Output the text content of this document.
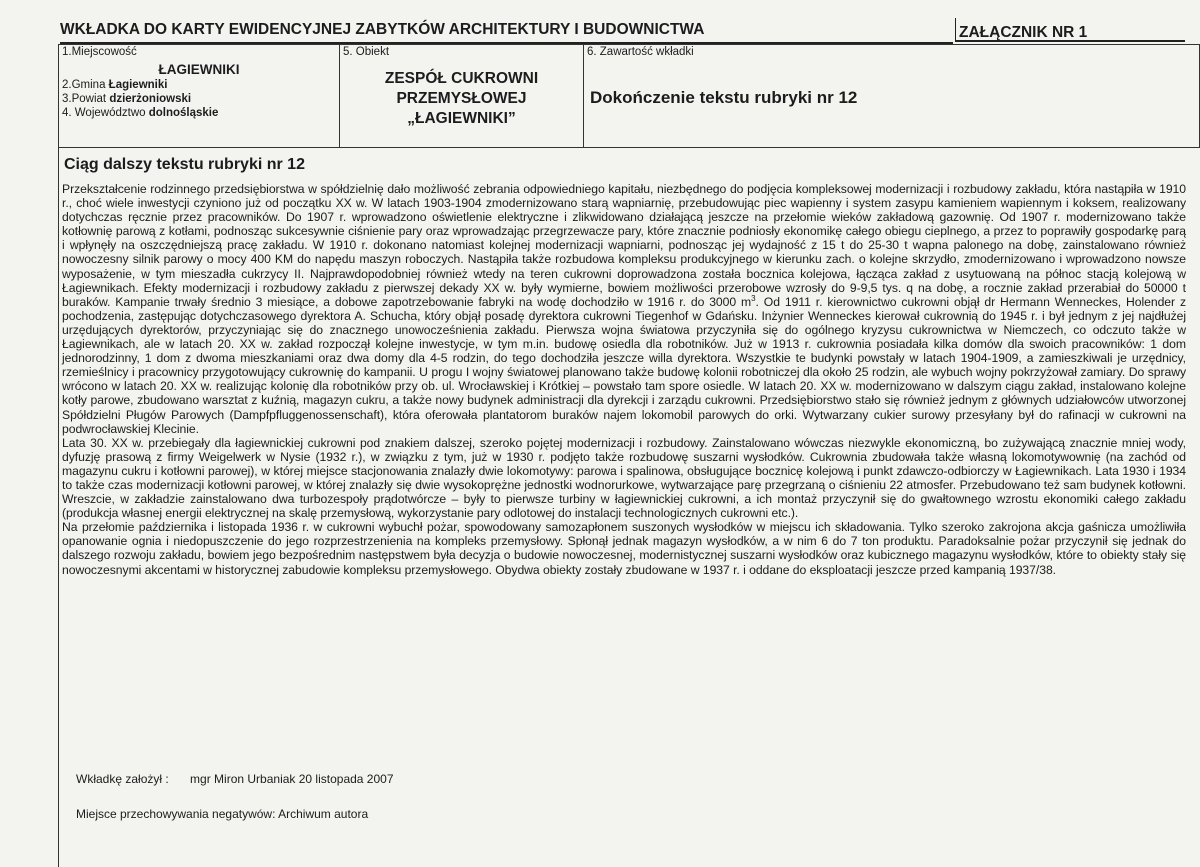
WKŁADKA DO KARTY EWIDENCYJNEJ ZABYTKÓW ARCHITEKTURY I BUDOWNICTWA	ZAŁĄCZNIK NR 1
1.Miejscowość
ŁAGIEWNIKI
2.Gmina Łagiewniki
3.Powiat dzierżoniowski
4. Województwo dolnośląskie
5. Obiekt
ZESPÓŁ CUKROWNI
PRZEMYSŁOWEJ
„ŁAGIEWNIKI”
6. Zawartość wkładki
Dokończenie tekstu rubryki nr 12
Ciąg dalszy tekstu rubryki nr 12

Przekształcenie rodzinnego przedsiębiorstwa w spółdzielnię dało możliwość zebrania odpowiedniego kapitału, niezbędnego do podjęcia kompleksowej modernizacji i rozbudowy zakładu, która nastąpiła w 1910 r., choć wiele inwestycji czyniono już od początku XX w. W latach 1903-1904 zmodernizowano starą wapniarnię, przebudowując piec wapienny i system zasypu kamieniem wapiennym i koksem, realizowany dotychczas ręcznie przez pracowników. Do 1907 r. wprowadzono oświetlenie elektryczne i zlikwidowano działającą jeszcze na przełomie wieków zakładową gazownię. Od 1907 r. modernizowano także kotłownię parową z kotłami, podnosząc sukcesywnie ciśnienie pary oraz wprowadzając przegrzewacze pary, które znacznie podniosły ekonomikę całego obiegu cieplnego, a przez to poprawiły gospodarkę parą i wpłynęły na oszczędniejszą pracę zakładu. W 1910 r. dokonano natomiast kolejnej modernizacji wapniarni, podnosząc jej wydajność z 15 t do 25-30 t wapna palonego na dobę, zainstalowano również nowoczesny silnik parowy o mocy 400 KM do napędu maszyn roboczych. Nastąpiła także rozbudowa kompleksu produkcyjnego w kierunku zach. o kolejne skrzydło, zmodernizowano i wprowadzono nowsze wyposażenie, w tym mieszadła cukrzycy II. Najprawdopodobniej również wtedy na teren cukrowni doprowadzona została bocznica kolejowa, łącząca zakład z usytuowaną na północ stacją kolejową w Łagiewnikach. Efekty modernizacji i rozbudowy zakładu z pierwszej dekady XX w. były wymierne, bowiem możliwości przerobowe wzrosły do 9-9,5 tys. q na dobę, a rocznie zakład przerabiał do 50000 t buraków. Kampanie trwały średnio 3 miesiące, a dobowe zapotrzebowanie fabryki na wodę dochodziło w 1916 r. do 3000 $m^3$. Od 1911 r. kierownictwo cukrowni objął dr Hermann Wenneckes, Holender z pochodzenia, zastępując dotychczasowego dyrektora A. Schucha, który objął posadę dyrektora cukrowni Tiegenhof w Gdańsku. Inżynier Wenneckes kierował cukrownią do 1945 r. i był jednym z jej najdłużej urzędujących dyrektorów, przyczyniając się do znacznego unowocześnienia zakładu. Pierwsza wojna światowa przyczyniła się do ogólnego kryzysu cukrownictwa w Niemczech, co odczuto także w Łagiewnikach, ale w latach 20. XX w. zakład rozpoczął kolejne inwestycje, w tym m.in. budowę osiedla dla robotników. Już w 1913 r. cukrownia posiadała kilka domów dla swoich pracowników: 1 dom jednorodzinny, 1 dom z dwoma mieszkaniami oraz dwa domy dla 4-5 rodzin, do tego dochodziła jeszcze willa dyrektora. Wszystkie te budynki powstały w latach 1904-1909, a zamieszkiwali je urzędnicy, rzemieślnicy i pracownicy przygotowujący cukrownię do kampanii. U progu I wojny światowej planowano także budowę kolonii robotniczej dla około 25 rodzin, ale wybuch wojny pokrzyżował zamiary. Do sprawy wrócono w latach 20. XX w. realizując kolonię dla robotników przy ob. ul. Wrocławskiej i Krótkiej – powstało tam spore osiedle. W latach 20. XX w. modernizowano w dalszym ciągu zakład, instalowano kolejne kotły parowe, zbudowano warsztat z kuźnią, magazyn cukru, a także nowy budynek administracji dla dyrekcji i zarządu cukrowni. Przedsiębiorstwo stało się również jednym z głównych udziałowców utworzonej Spółdzielni Pługów Parowych (Dampfpfluggenossenschaft), która oferowała plantatorom buraków najem lokomobil parowych do orki. Wytwarzany cukier surowy przesyłany był do rafinacji w cukrowni na podwrocławskiej Klecinie.

Lata 30. XX w. przebiegały dla łagiewnickiej cukrowni pod znakiem dalszej, szeroko pojętej modernizacji i rozbudowy. Zainstalowano wówczas niezwykle ekonomiczną, bo zużywającą znacznie mniej wody, dyfuzję prasową z firmy Weigelwerk w Nysie (1932 r.), w związku z tym, już w 1930 r. podjęto także rozbudowę suszarni wysłodków. Cukrownia zbudowała także własną lokomotywownię (na zachód od magazynu cukru i kotłowni parowej), w której miejsce stacjonowania znalazły dwie lokomotywy: parowa i spalinowa, obsługujące bocznicę kolejową i punkt zdawczo-odbiorczy w Łagiewnikach. Lata 1930 i 1934 to także czas modernizacji kotłowni parowej, w której znalazły się dwie wysokoprężne jednostki wodnorurkowe, wytwarzające parę przegrzaną o ciśnieniu 22 atmosfer. Przebudowano też sam budynek kotłowni. Wreszcie, w zakładzie zainstalowano dwa turbozespoły prądotwórcze – były to pierwsze turbiny w łagiewnickiej cukrowni, a ich montaż przyczynił się do gwałtownego wzrostu ekonomiki całego zakładu (produkcja własnej energii elektrycznej na skalę przemysłową, wykorzystanie pary odlotowej do instalacji technologicznych cukrowni etc.).

Na przełomie października i listopada 1936 r. w cukrowni wybuchł pożar, spowodowany samozapłonem suszonych wysłodków w miejscu ich składowania. Tylko szeroko zakrojona akcja gaśnicza umożliwiła opanowanie ognia i niedopuszczenie do jego rozprzestrzenienia na kompleks przemysłowy. Spłonął jednak magazyn wysłodków, a w nim 6 do 7 ton produktu. Paradoksalnie pożar przyczynił się jednak do dalszego rozwoju zakładu, bowiem jego bezpośrednim następstwem była decyzja o budowie nowoczesnej, modernistycznej suszarni wysłodków oraz kubicznego magazynu wysłodków, które to obiekty stały się nowoczesnymi akcentami w historycznej zabudowie kompleksu przemysłowego. Obydwa obiekty zostały zbudowane w 1937 r. i oddane do eksploatacji jeszcze przed kampanią 1937/38.

Wkładkę założył : mgr Miron Urbaniak 20 listopada 2007
Miejsce przechowywania negatywów: Archiwum autora
